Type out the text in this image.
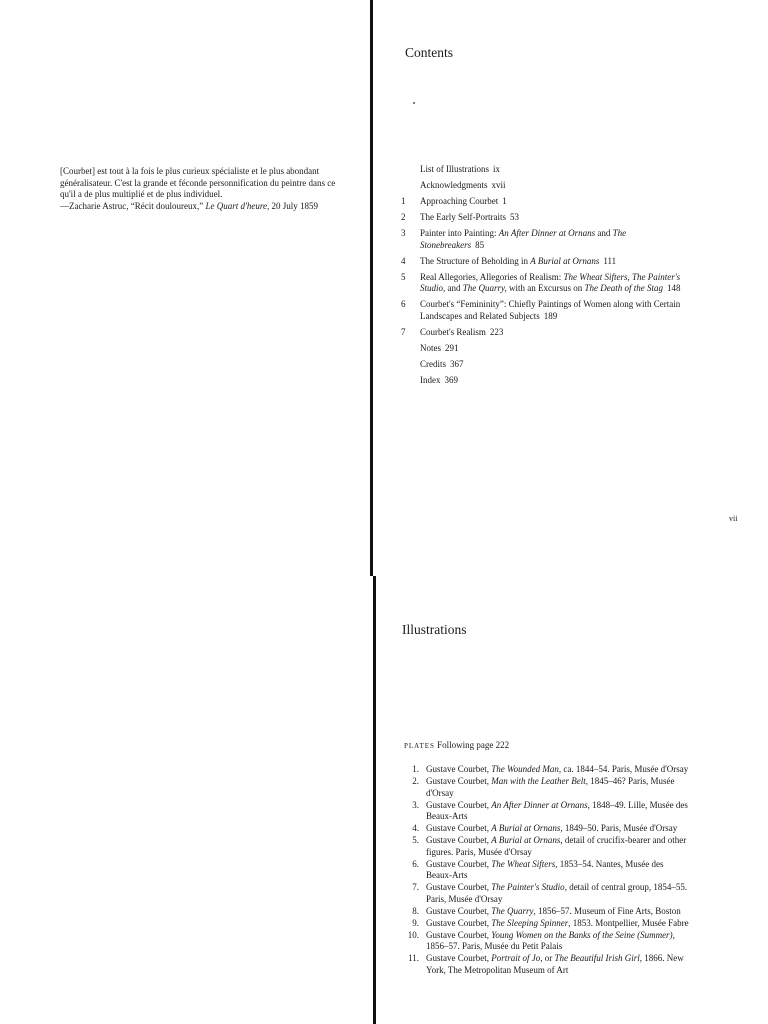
[Courbet] est tout à la fois le plus curieux spécialiste et le plus abondant généralisateur. C'est la grande et féconde personnification du peintre dans ce qu'il a de plus multiplié et de plus individuel.
—Zacharie Astruc, “Récit douloureux,” Le Quart d'heure, 20 July 1859
Contents
List of Illustrations ix
Acknowledgments xvii
1 Approaching Courbet 1
2 The Early Self-Portraits 53
3 Painter into Painting: An After Dinner at Ornans and The Stonebreakers 85
4 The Structure of Beholding in A Burial at Ornans 111
5 Real Allegories, Allegories of Realism: The Wheat Sifters, The Painter's Studio, and The Quarry, with an Excursus on The Death of the Stag 148
6 Courbet's “Femininity”: Chiefly Paintings of Women along with Certain Landscapes and Related Subjects 189
7 Courbet's Realism 223
Notes 291
Credits 367
Index 369
vii
Illustrations
PLATES Following page 222
1. Gustave Courbet, The Wounded Man, ca. 1844–54. Paris, Musée d'Orsay
2. Gustave Courbet, Man with the Leather Belt, 1845–46? Paris, Musée d'Orsay
3. Gustave Courbet, An After Dinner at Ornans, 1848–49. Lille, Musée des Beaux-Arts
4. Gustave Courbet, A Burial at Ornans, 1849–50. Paris, Musée d'Orsay
5. Gustave Courbet, A Burial at Ornans, detail of crucifix-bearer and other figures. Paris, Musée d'Orsay
6. Gustave Courbet, The Wheat Sifters, 1853–54. Nantes, Musée des Beaux-Arts
7. Gustave Courbet, The Painter's Studio, detail of central group, 1854–55. Paris, Musée d'Orsay
8. Gustave Courbet, The Quarry, 1856–57. Museum of Fine Arts, Boston
9. Gustave Courbet, The Sleeping Spinner, 1853. Montpellier, Musée Fabre
10. Gustave Courbet, Young Women on the Banks of the Seine (Summer), 1856–57. Paris, Musée du Petit Palais
11. Gustave Courbet, Portrait of Jo, or The Beautiful Irish Girl, 1866. New York, The Metropolitan Museum of Art
